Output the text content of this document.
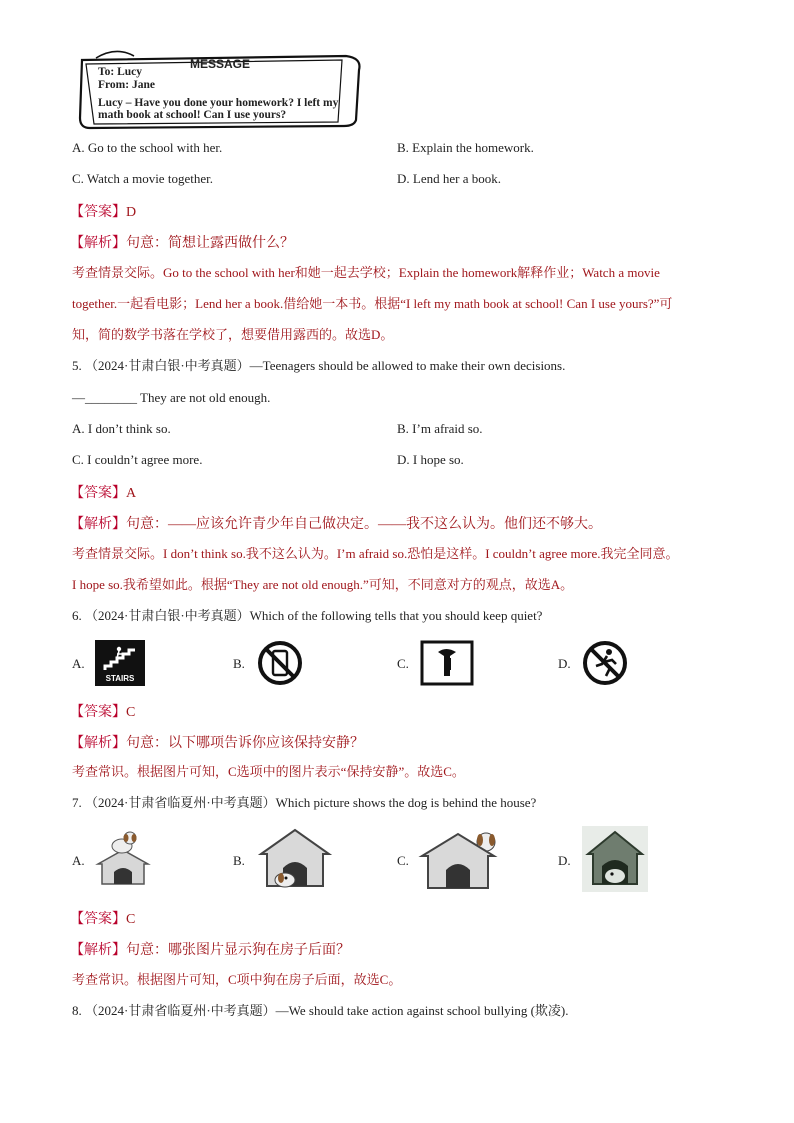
MESSAGE
To: Lucy
From: Jane
Lucy – Have you done your homework? I left my
math book at school! Can I use yours?
A. Go to the school with her.	B. Explain the homework.
C. Watch a movie together.	D. Lend her a book.
【答案】D
【解析】句意：简想让露西做什么？
考查情景交际。Go to the school with her和她一起去学校；Explain the homework解释作业；Watch a movie
together.一起看电影；Lend her a book.借给她一本书。根据“I left my math book at school! Can I use yours?”可
知，简的数学书落在学校了，想要借用露西的。故选D。
5. （2024·甘肃白银·中考真题）—Teenagers should be allowed to make their own decisions.
—________ They are not old enough.
A. I don’t think so.	B. I’m afraid so.
C. I couldn’t agree more.	D. I hope so.
【答案】A
【解析】句意：——应该允许青少年自己做决定。——我不这么认为。他们还不够大。
考查情景交际。I don’t think so.我不这么认为。I’m afraid so.恐怕是这样。I couldn’t agree more.我完全同意。
I hope so.我希望如此。根据“They are not old enough.”可知，不同意对方的观点，故选A。
6. （2024·甘肃白银·中考真题）Which of the following tells that you should keep quiet?
A.
STAIRS
B.	C.	D.
【答案】C
【解析】句意：以下哪项告诉你应该保持安静？
考查常识。根据图片可知，C选项中的图片表示“保持安静”。故选C。
7. （2024·甘肃省临夏州·中考真题）Which picture shows the dog is behind the house?
A.	B.	C.	D.
【答案】C
【解析】句意：哪张图片显示狗在房子后面？
考查常识。根据图片可知，C项中狗在房子后面，故选C。
8. （2024·甘肃省临夏州·中考真题）—We should take action against school bullying (欺凌).
